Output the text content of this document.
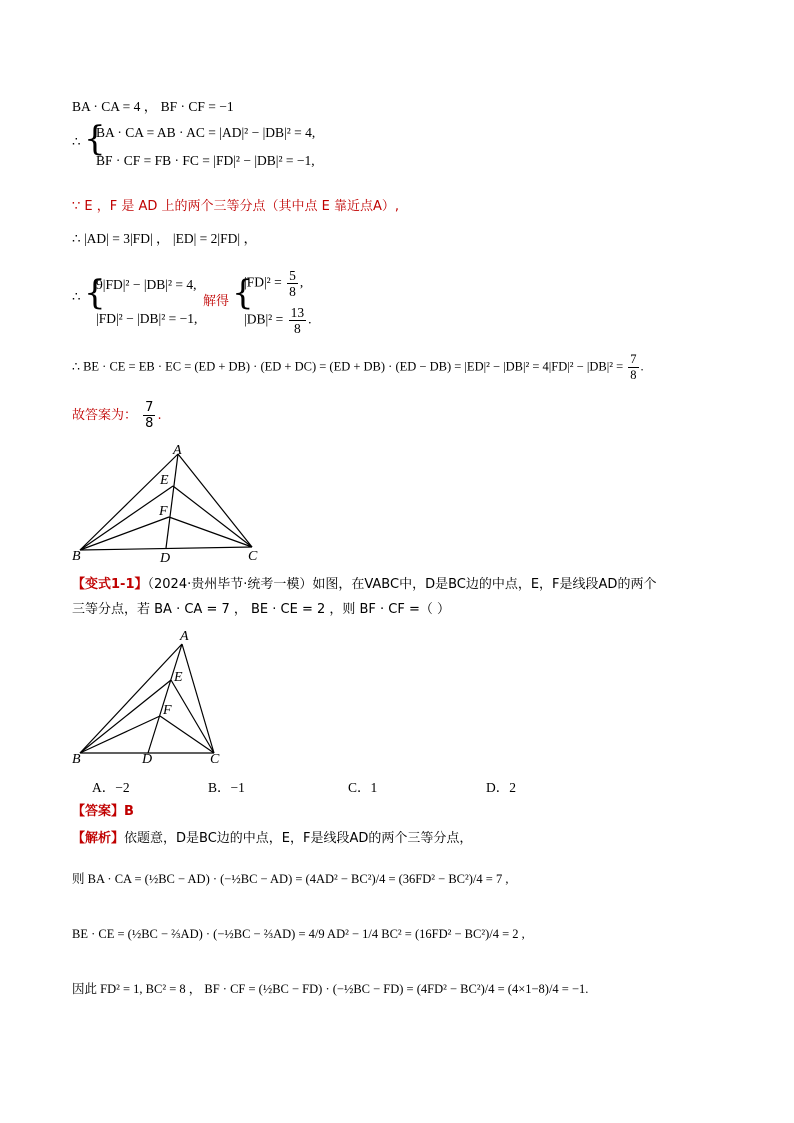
BA · CA = 4 ， BF · CF = −1
∴ {
BA · CA = AB · AC = |AD|² − |DB|² = 4,
BF · CF = FB · FC = |FD|² − |DB|² = −1,
∵ E ，F 是 AD 上的两个三等分点（其中点 E 靠近点A）,
∴ |AD| = 3|FD| ， |ED| = 2|FD| ，
∴ {
9|FD|² − |DB|² = 4,
|FD|² − |DB|² = −1,
解得 {
$|FD|^2 = \frac{5}{8}$ ,
$|DB|^2 = \frac{13}{8}$ .
∴ BE · CE = EB · EC = $(ED + DB) \cdot (ED + DC) = (ED + DB) \cdot (ED - DB) = |ED|^2 - |DB|^2 = 4|FD|^2 - |DB|^2 = \frac{7}{8}$ .
故答案为： $\frac{7}{8}$ .
A
E
F
B	D	C
【变式1-1】（2024·贵州毕节·统考一模）如图，在VABC中，D是BC边的中点，E，F是线段AD的两个
三等分点，若 BA · CA = 7 ， BE · CE = 2 ，则 BF · CF =（ ）
A
E
F
B	D	C
A．−2	B．−1	C．1	D．2
【答案】B
【解析】依题意，D是BC边的中点，E，F是线段AD的两个三等分点，
则 BA · CA = (½BC − AD) · (−½BC − AD) = (4AD² − BC²)/4 = (36FD² − BC²)/4 = 7 ,
BE · CE = (½BC − ⅔AD) · (−½BC − ⅔AD) = 4/9 AD² − 1/4 BC² = (16FD² − BC²)/4 = 2 ,
因此 FD² = 1, BC² = 8 ， BF · CF = (½BC − FD) · (−½BC − FD) = (4FD² − BC²)/4 = (4×1−8)/4 = −1.
